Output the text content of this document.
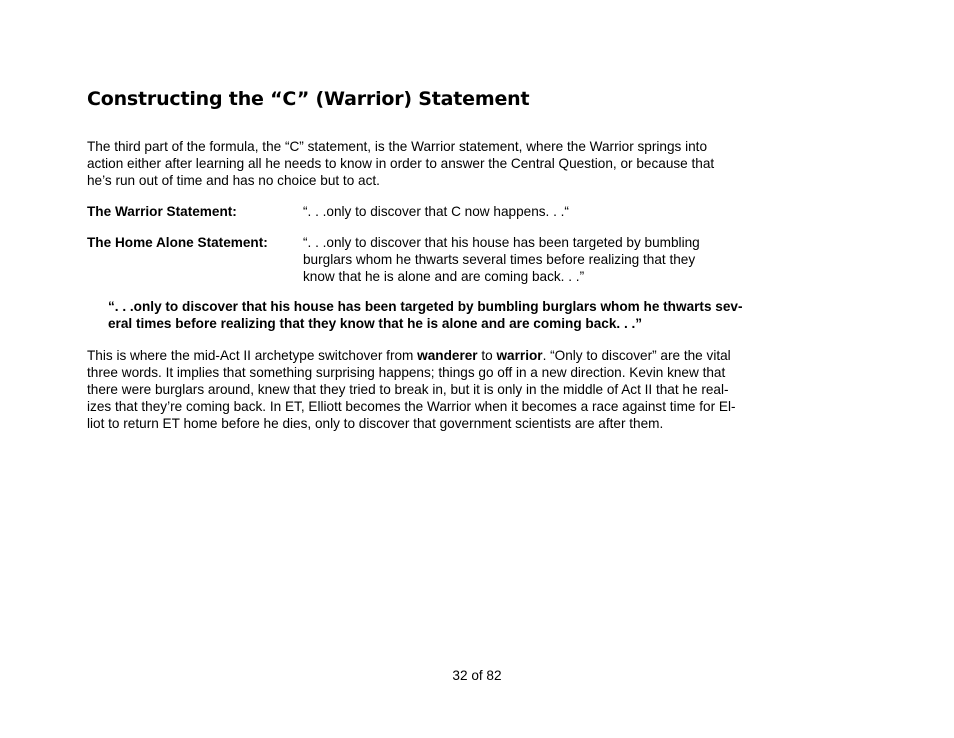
Constructing the “C” (Warrior) Statement

The third part of the formula, the “C” statement, is the Warrior statement, where the Warrior springs into
action either after learning all he needs to know in order to answer the Central Question, or because that
he’s run out of time and has no choice but to act.

The Warrior Statement:	“. . .only to discover that C now happens. . .“
The Home Alone Statement:	“. . .only to discover that his house has been targeted by bumbling
burglars whom he thwarts several times before realizing that they
know that he is alone and are coming back. . .”
“. . .only to discover that his house has been targeted by bumbling burglars whom he thwarts sev-
eral times before realizing that they know that he is alone and are coming back. . .”

This is where the mid-Act II archetype switchover from wanderer to warrior. “Only to discover” are the vital
three words. It implies that something surprising happens; things go off in a new direction. Kevin knew that
there were burglars around, knew that they tried to break in, but it is only in the middle of Act II that he real-
izes that they’re coming back. In ET, Elliott becomes the Warrior when it becomes a race against time for El-
liot to return ET home before he dies, only to discover that government scientists are after them.

32 of 82
